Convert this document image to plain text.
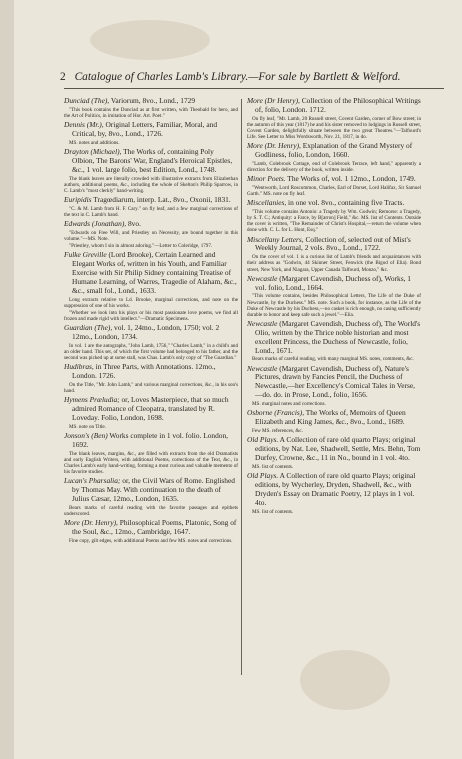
2 Catalogue of Charles Lamb's Library.—For sale by Bartlett & Welford.
Dunciad (The), Variorum, 8vo., Lond., 1729
"This book contains the Dunciad as at first written, with Theobald for hero, and the Art of Politics, in imitation of Hor. Art. Poet."
Dennis (Mr.), Original Letters, Familiar, Moral, and Critical, by, 8vo., Lond., 1726.
MS. notes and additions.
Drayton (Michael), The Works of, containing Poly Olbion, The Barons' War, England's Heroical Epistles, &c., 1 vol. large folio, best Edition, Lond., 1748.
The blank leaves are literally crowded with illustrative extracts from Elizabethan authors, additional poems, &c., including the whole of Skelton's Philip Sparrow, in C. Lamb's "most clerkly" hand-writing.
Euripidis Tragœdiarum, interp. Lat., 8vo., Oxonii, 1831.
"C. & M. Lamb from H. F. Cary." on fly leaf, and a few marginal corrections of the text in C. Lamb's hand.
Edwards (Jonathan), 8vo.
"Edwards on Free Will, and Priestley on Necessity, are bound together in this volume."—MS. Note.
"Priestley, whom I sin in almost adoring."—Letter to Coleridge, 1797.
Fulke Greville (Lord Brooke), Certain Learned and Elegant Works of, written in his Youth, and Familiar Exercise with Sir Philip Sidney containing Treatise of Humane Learning, of Warres, Tragedie of Alaham, &c., &c., small fol., Lond., 1633.
Long extracts relative to Ld. Brooke, marginal corrections, and note on the suppression of one of his works.
"Whether we look into his plays or his most passionate love poems, we find all frozen and made rigid with intellect."—Dramatic Specimens.
Guardian (The), vol. 1, 24mo., London, 1750; vol. 2 12mo., London, 1734.
In vol. 1 are the autographs, "John Lamb, 1756," "Charles Lamb," in a child's and an older hand. This set, of which the first volume had belonged to his father, and the second was picked up at some stall, was Chas. Lamb's only copy of "The Guardian."
Hudibras, in Three Parts, with Annotations. 12mo., London. 1726.
On the Title, "Mr. John Lamb," and various marginal corrections, &c., in his son's hand.
Hymens Præludia; or, Loves Masterpiece, that so much admired Romance of Cleopatra, translated by R. Loveday. Folio, London, 1698.
MS. note on Title.
Jonson's (Ben) Works complete in 1 vol. folio. London, 1692.
The blank leaves, margins, &c., are filled with extracts from the old Dramatists and early English Writers, with additional Poems, corrections of the Text, &c., in Charles Lamb's early hand-writing, forming a most curious and valuable memento of his favorite studies.
Lucan's Pharsalia; or, the Civil Wars of Rome. Englished by Thomas May. With continuation to the death of Julius Cæsar, 12mo., London, 1635.
Bears marks of careful reading with the favorite passages and epithets underscored.
More (Dr. Henry), Philosophical Poems, Platonic, Song of the Soul, &c., 12mo., Cambridge, 1647.
Fine copy, gilt edges, with additional Poems and few MS. notes and corrections.
More (Dr Henry), Collection of the Philosophical Writings of, folio, London. 1712.
On fly leaf, "Mr. Lamb, 20 Russell street, Covent Garden, corner of Bow street; in the autumn of this year (1817) he and his sister removed to lodgings in Russell street, Covent Garden, delightfully situate between the two great Theatres."—Talfourd's Life. See Letter to Miss Wordsworth, Nov. 21, 1817, in do.
More (Dr. Henry), Explanation of the Grand Mystery of Godliness, folio, London, 1660.
"Lamb, Colebrook Cottage, end of Colebrook Terrace, left hand," apparently a direction for the delivery of the book, written inside.
Minor Poets. The Works of, vol. 1 12mo., London, 1749.
"Wentworth, Lord Roscommon, Charles, Earl of Dorset, Lord Halifax, Sir Samuel Garth." MS. note on fly leaf.
Miscellanies, in one vol. 8vo., containing five Tracts.
"This volume contains Antonio: a Tragedy by Wm. Godwin; Remorse: a Tragedy, by S. T. C.; Antiquity: a Farce, by B[arron] Field," &c. MS. list of Contents. Outside the cover is written, "The Remainder of Christ's Hospital,—return the volume when done with. C. L. for L. Hunt, Esq."
Miscellany Letters, Collection of, selected out of Mist's Weekly Journal, 2 vols. 8vo., Lond., 1722.
On the cover of vol. 1 is a curious list of Lamb's friends and acquaintances with their address as "Godwin, 44 Skinner Street, Fenwick (the Bigod of Elia). Bond street, New York, and Niagara, Upper Canada Talfourd, Monzo," &c.
Newcastle (Margaret Cavendish, Duchess of), Works, 1 vol. folio, Lond., 1664.
"This volume contains, besides Philosophical Letters, The Life of the Duke of Newcastle, by the Duchess." MS. note. Such a book, for instance, as the Life of the Duke of Newcastle by his Duchess,—no casket is rich enough, no casing sufficiently durable to honor and keep safe such a jewel."—Elia.
Newcastle (Margaret Cavendish, Duchess of), The World's Olio, written by the Thrice noble historian and most excellent Princess, the Duchess of Newcastle, folio, Lond., 1671.
Bears marks of careful reading, with many marginal MS. notes, comments, &c.
Newcastle (Margaret Cavendish, Duchess of), Nature's Pictures, drawn by Fancies Pencil, the Duchess of Newcastle,—her Excellency's Comical Tales in Verse,—do. do. in Prose, Lond., folio, 1656.
MS. marginal notes and corrections.
Osborne (Francis), The Works of, Memoirs of Queen Elizabeth and King James, &c., 8vo., Lond., 1689.
Few MS. references, &c.
Old Plays. A Collection of rare old quarto Plays; original editions, by Nat. Lee, Shadwell, Settle, Mrs. Behn, Tom Durfey, Crowne, &c., 11 in No., bound in 1 vol. 4to.
MS. list of contents.
Old Plays. A Collection of rare old quarto Plays; original editions, by Wycherley, Dryden, Shadwell, &c., with Dryden's Essay on Dramatic Poetry, 12 plays in 1 vol. 4to.
MS. list of contents.
